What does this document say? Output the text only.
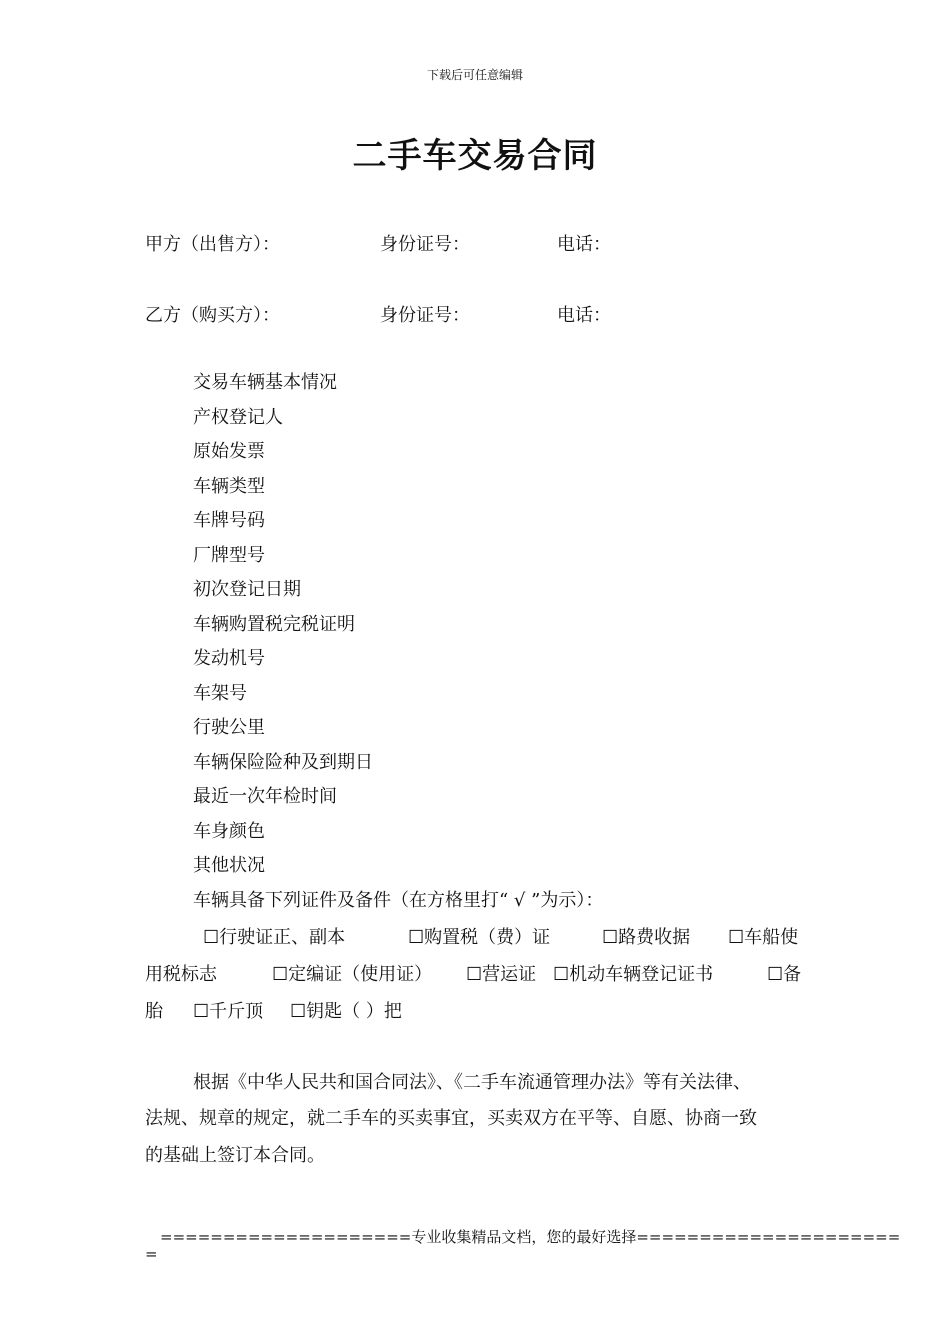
下载后可任意编辑
二手车交易合同
甲方（出售方）：	身份证号：	电话：
乙方（购买方）：	身份证号：	电话：
交易车辆基本情况
产权登记人
原始发票
车辆类型
车牌号码
厂牌型号
初次登记日期
车辆购置税完税证明
发动机号
车架号
行驶公里
车辆保险险种及到期日
最近一次年检时间
车身颜色
其他状况
车辆具备下列证件及备件（在方格里打“ √ ”为示）：
☐行驶证正、副本	☐购置税（费）证	☐路费收据 ☐车船使
用税标志	☐定编证（使用证） ☐营运证 ☐机动车辆登记证书	☐备
胎 ☐千斤顶 ☐钥匙（ ）把
根据《中华人民共和国合同法》、《二手车流通管理办法》等有关法律、
法规、规章的规定，就二手车的买卖事宜，买卖双方在平等、自愿、协商一致
的基础上签订本合同。
====================专业收集精品文档，您的最好选择=====================
=
